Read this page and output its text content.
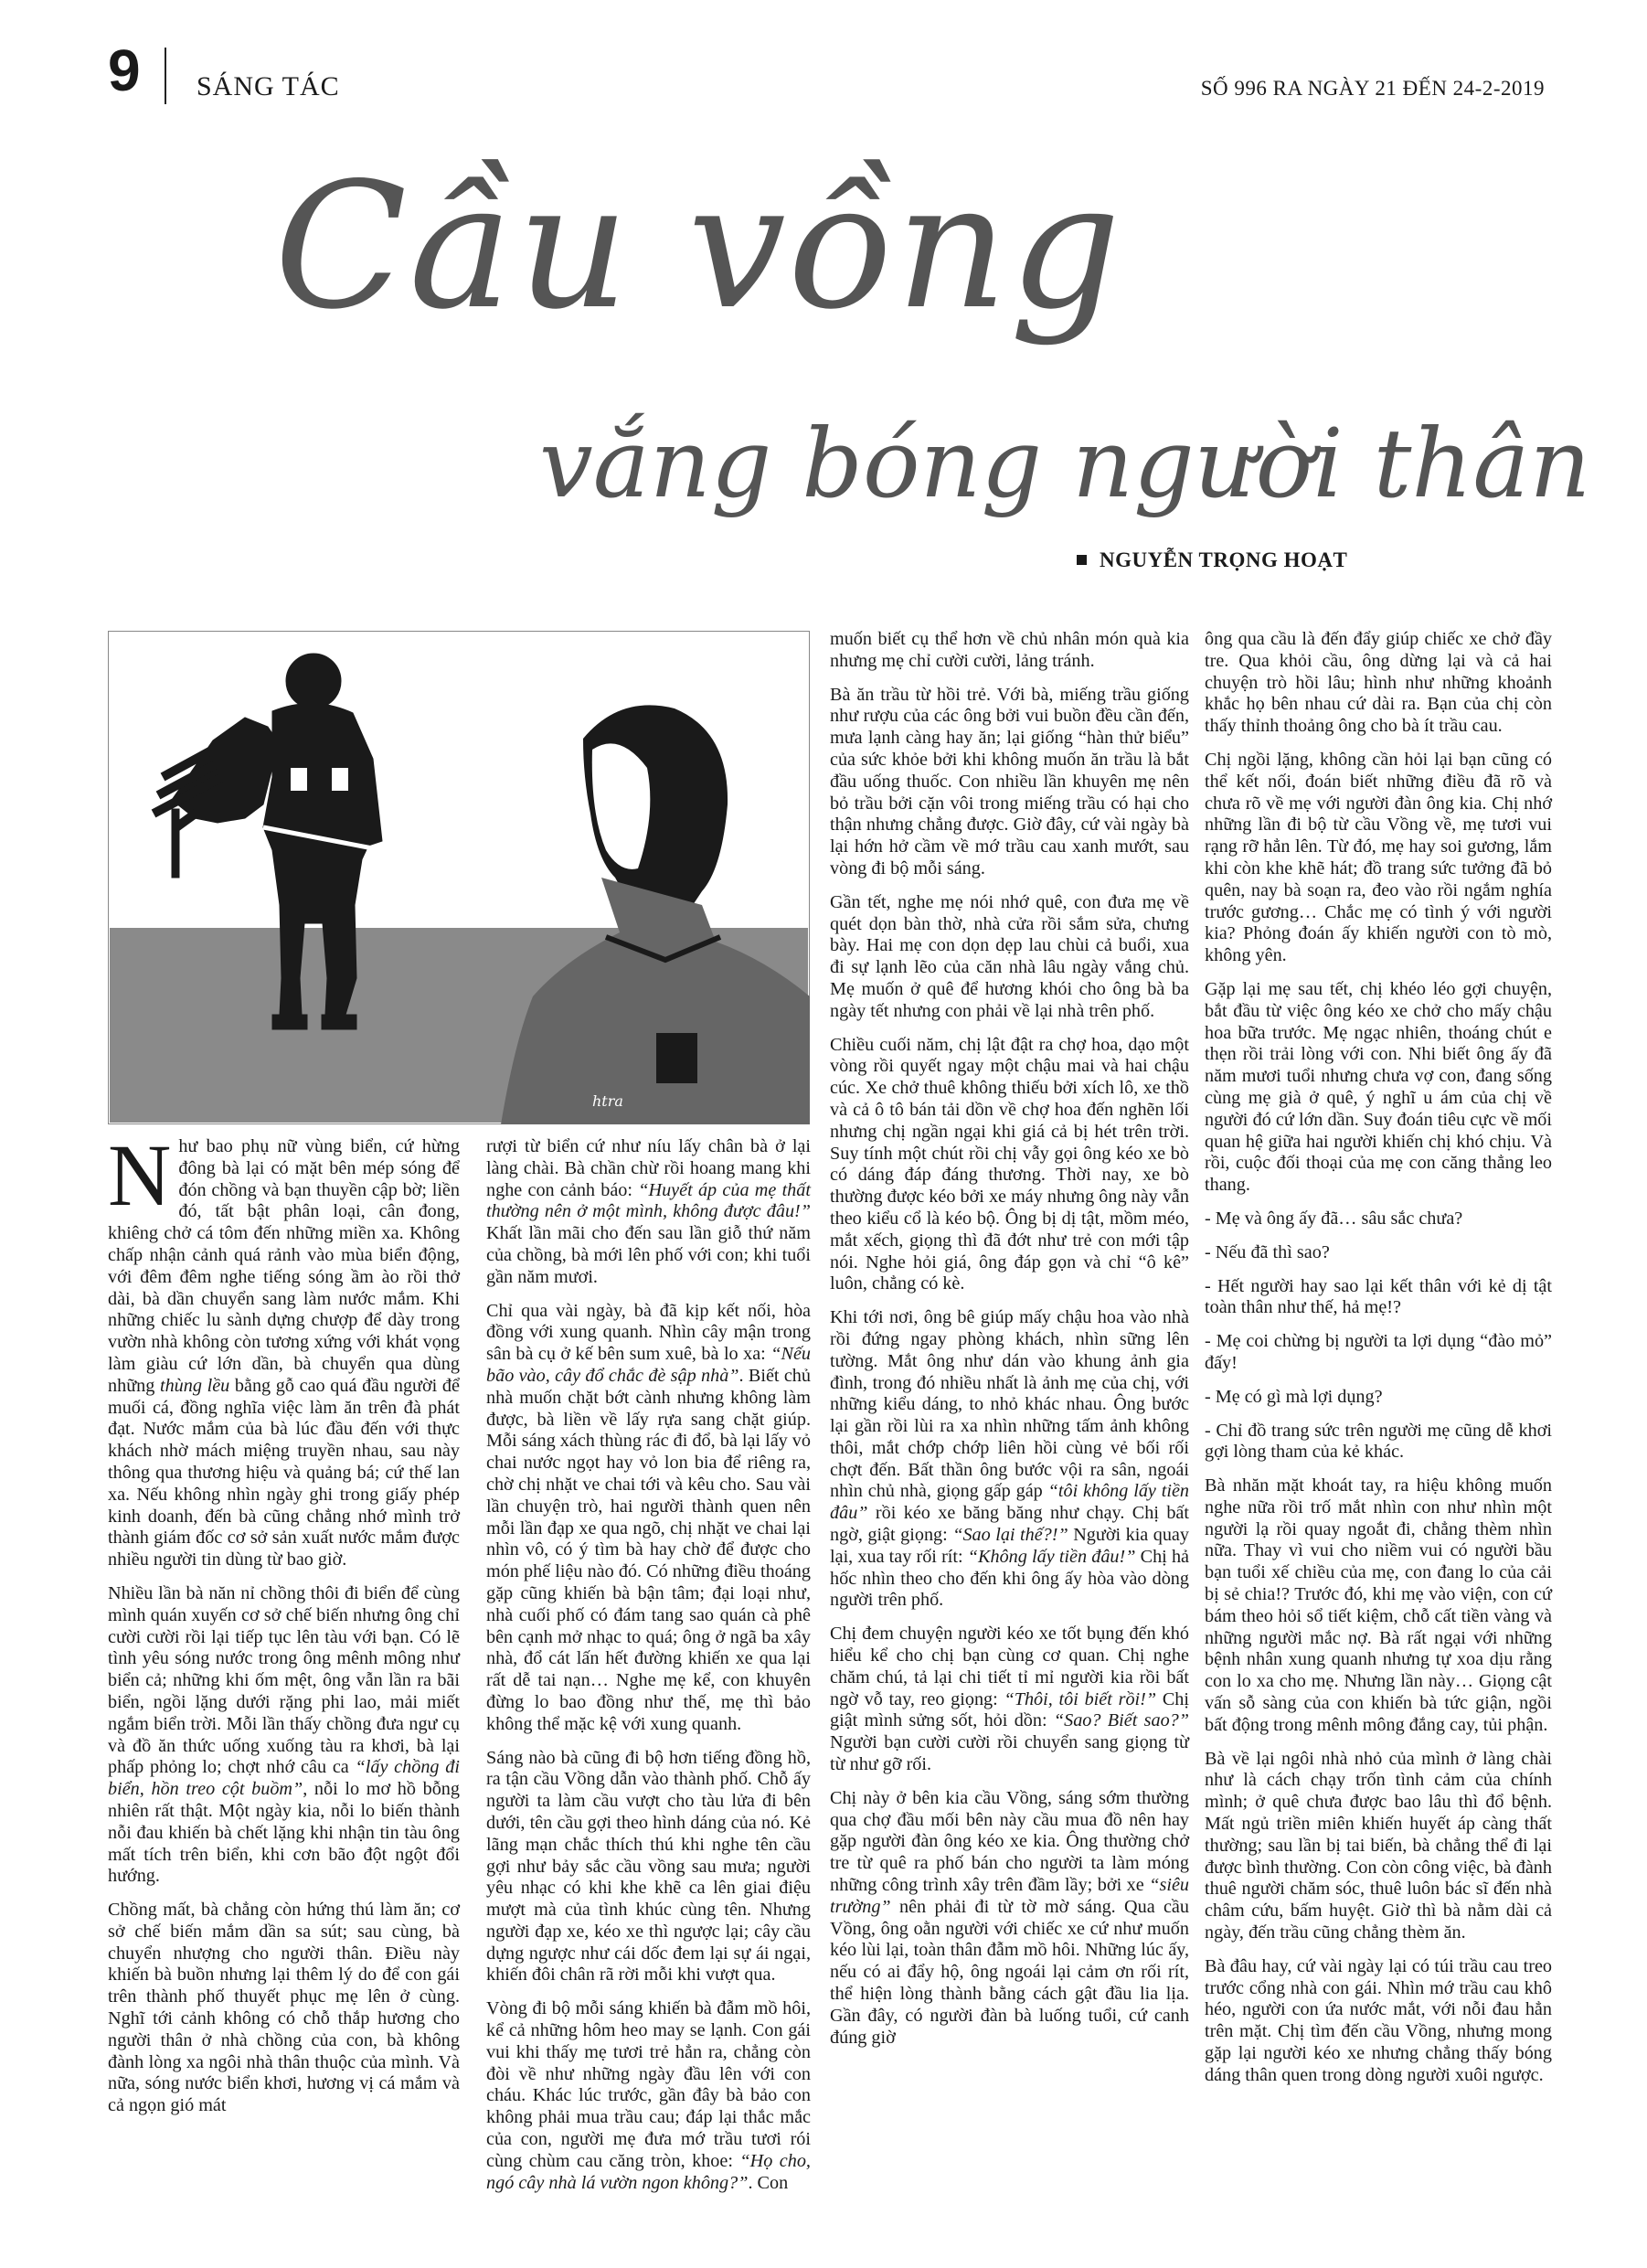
9 SÁNG TÁC	SỐ 996 RA NGÀY 21 ĐẾN 24-2-2019
Cầu vồng
vắng bóng người thân
NGUYỄN TRỌNG HOẠT
htra

Như bao phụ nữ vùng biển, cứ hừng đông bà lại có mặt bên mép sóng để đón chồng và bạn thuyền cập bờ; liền đó, tất bật phân loại, cân đong, khiêng chở cá tôm đến những miền xa. Không chấp nhận cảnh quá rảnh vào mùa biển động, với đêm đêm nghe tiếng sóng ầm ào rồi thở dài, bà dần chuyển sang làm nước mắm. Khi những chiếc lu sành dựng chượp để dày trong vườn nhà không còn tương xứng với khát vọng làm giàu cứ lớn dần, bà chuyển qua dùng những thùng lều bằng gỗ cao quá đầu người để muối cá, đồng nghĩa việc làm ăn trên đà phát đạt. Nước mắm của bà lúc đầu đến với thực khách nhờ mách miệng truyền nhau, sau này thông qua thương hiệu và quảng bá; cứ thế lan xa. Nếu không nhìn ngày ghi trong giấy phép kinh doanh, đến bà cũng chẳng nhớ mình trở thành giám đốc cơ sở sản xuất nước mắm được nhiều người tin dùng từ bao giờ.

Nhiều lần bà năn nỉ chồng thôi đi biển để cùng mình quán xuyến cơ sở chế biến nhưng ông chỉ cười cười rồi lại tiếp tục lên tàu với bạn. Có lẽ tình yêu sóng nước trong ông mênh mông như biển cả; những khi ốm mệt, ông vẫn lần ra bãi biển, ngồi lặng dưới rặng phi lao, mải miết ngắm biển trời. Mỗi lần thấy chồng đưa ngư cụ và đồ ăn thức uống xuống tàu ra khơi, bà lại phấp phỏng lo; chợt nhớ câu ca “lấy chồng đi biển, hồn treo cột buồm”, nỗi lo mơ hồ bỗng nhiên rất thật. Một ngày kia, nỗi lo biến thành nỗi đau khiến bà chết lặng khi nhận tin tàu ông mất tích trên biển, khi cơn bão đột ngột đổi hướng.

Chồng mất, bà chẳng còn hứng thú làm ăn; cơ sở chế biến mắm dần sa sút; sau cùng, bà chuyển nhượng cho người thân. Điều này khiến bà buồn nhưng lại thêm lý do để con gái trên thành phố thuyết phục mẹ lên ở cùng. Nghĩ tới cảnh không có chỗ thắp hương cho người thân ở nhà chồng của con, bà không đành lòng xa ngôi nhà thân thuộc của mình. Và nữa, sóng nước biển khơi, hương vị cá mắm và cả ngọn gió mát

rượi từ biển cứ như níu lấy chân bà ở lại làng chài. Bà chần chừ rồi hoang mang khi nghe con cảnh báo: “Huyết áp của mẹ thất thường nên ở một mình, không được đâu!” Khất lần mãi cho đến sau lần giỗ thứ năm của chồng, bà mới lên phố với con; khi tuổi gần năm mươi.

Chỉ qua vài ngày, bà đã kịp kết nối, hòa đồng với xung quanh. Nhìn cây mận trong sân bà cụ ở kế bên sum xuê, bà lo xa: “Nếu bão vào, cây đổ chắc đè sập nhà”. Biết chủ nhà muốn chặt bớt cành nhưng không làm được, bà liền về lấy rựa sang chặt giúp. Mỗi sáng xách thùng rác đi đổ, bà lại lấy vỏ chai nước ngọt hay vỏ lon bia để riêng ra, chờ chị nhặt ve chai tới và kêu cho. Sau vài lần chuyện trò, hai người thành quen nên mỗi lần đạp xe qua ngõ, chị nhặt ve chai lại nhìn vô, có ý tìm bà hay chờ để được cho món phế liệu nào đó. Có những điều thoáng gặp cũng khiến bà bận tâm; đại loại như, nhà cuối phố có đám tang sao quán cà phê bên cạnh mở nhạc to quá; ông ở ngã ba xây nhà, đổ cát lấn hết đường khiến xe qua lại rất dễ tai nạn… Nghe mẹ kể, con khuyên đừng lo bao đồng như thế, mẹ thì bảo không thể mặc kệ với xung quanh.

Sáng nào bà cũng đi bộ hơn tiếng đồng hồ, ra tận cầu Vồng dẫn vào thành phố. Chỗ ấy người ta làm cầu vượt cho tàu lửa đi bên dưới, tên cầu gợi theo hình dáng của nó. Kẻ lãng mạn chắc thích thú khi nghe tên cầu gợi như bảy sắc cầu vồng sau mưa; người yêu nhạc có khi khe khẽ ca lên giai điệu mượt mà của tình khúc cùng tên. Nhưng người đạp xe, kéo xe thì ngược lại; cây cầu dựng ngược như cái dốc đem lại sự ái ngại, khiến đôi chân rã rời mỗi khi vượt qua.

Vòng đi bộ mỗi sáng khiến bà đẫm mồ hôi, kể cả những hôm heo may se lạnh. Con gái vui khi thấy mẹ tươi trẻ hẳn ra, chẳng còn đòi về như những ngày đầu lên với con cháu. Khác lúc trước, gần đây bà bảo con không phải mua trầu cau; đáp lại thắc mắc của con, người mẹ đưa mớ trầu tươi rói cùng chùm cau căng tròn, khoe: “Họ cho, ngó cây nhà lá vườn ngon không?”. Con

muốn biết cụ thể hơn về chủ nhân món quà kia nhưng mẹ chỉ cười cười, lảng tránh.

Bà ăn trầu từ hồi trẻ. Với bà, miếng trầu giống như rượu của các ông bởi vui buồn đều cần đến, mưa lạnh càng hay ăn; lại giống “hàn thử biểu” của sức khỏe bởi khi không muốn ăn trầu là bắt đầu uống thuốc. Con nhiều lần khuyên mẹ nên bỏ trầu bởi cặn vôi trong miếng trầu có hại cho thận nhưng chẳng được. Giờ đây, cứ vài ngày bà lại hớn hở cầm về mớ trầu cau xanh mướt, sau vòng đi bộ mỗi sáng.

Gần tết, nghe mẹ nói nhớ quê, con đưa mẹ về quét dọn bàn thờ, nhà cửa rồi sắm sửa, chưng bày. Hai mẹ con dọn dẹp lau chùi cả buổi, xua đi sự lạnh lẽo của căn nhà lâu ngày vắng chủ. Mẹ muốn ở quê để hương khói cho ông bà ba ngày tết nhưng con phải về lại nhà trên phố.

Chiều cuối năm, chị lật đật ra chợ hoa, dạo một vòng rồi quyết ngay một chậu mai và hai chậu cúc. Xe chở thuê không thiếu bởi xích lô, xe thồ và cả ô tô bán tải dồn về chợ hoa đến nghẽn lối nhưng chị ngần ngại khi giá cả bị hét trên trời. Suy tính một chút rồi chị vẫy gọi ông kéo xe bò có dáng đáp đáng thương. Thời nay, xe bò thường được kéo bởi xe máy nhưng ông này vẫn theo kiểu cổ là kéo bộ. Ông bị dị tật, mồm méo, mắt xếch, giọng thì đã đớt như trẻ con mới tập nói. Nghe hỏi giá, ông đáp gọn và chỉ “ô kê” luôn, chẳng có kè.

Khi tới nơi, ông bê giúp mấy chậu hoa vào nhà rồi đứng ngay phòng khách, nhìn sững lên tường. Mắt ông như dán vào khung ảnh gia đình, trong đó nhiều nhất là ảnh mẹ của chị, với những kiểu dáng, to nhỏ khác nhau. Ông bước lại gần rồi lùi ra xa nhìn những tấm ảnh không thôi, mắt chớp chớp liên hồi cùng vẻ bối rối chợt đến. Bất thần ông bước vội ra sân, ngoái nhìn chủ nhà, giọng gấp gáp “tôi không lấy tiền đâu” rồi kéo xe băng băng như chạy. Chị bất ngờ, giật giọng: “Sao lại thế?!” Người kia quay lại, xua tay rối rít: “Không lấy tiền đâu!” Chị hả hốc nhìn theo cho đến khi ông ấy hòa vào dòng người trên phố.

Chị đem chuyện người kéo xe tốt bụng đến khó hiểu kể cho chị bạn cùng cơ quan. Chị nghe chăm chú, tả lại chi tiết tỉ mỉ người kia rồi bất ngờ vỗ tay, reo giọng: “Thôi, tôi biết rồi!” Chị giật mình sửng sốt, hỏi dồn: “Sao? Biết sao?” Người bạn cười cười rồi chuyển sang giọng từ từ như gỡ rối.

Chị này ở bên kia cầu Vồng, sáng sớm thường qua chợ đầu mối bên này cầu mua đồ nên hay gặp người đàn ông kéo xe kia. Ông thường chở tre từ quê ra phố bán cho người ta làm móng những công trình xây trên đầm lầy; bởi xe “siêu trường” nên phải đi từ tờ mờ sáng. Qua cầu Vồng, ông oằn người với chiếc xe cứ như muốn kéo lùi lại, toàn thân đẫm mồ hôi. Những lúc ấy, nếu có ai đẩy hộ, ông ngoái lại cảm ơn rối rít, thể hiện lòng thành bằng cách gật đầu lia lịa. Gần đây, có người đàn bà luống tuổi, cứ canh đúng giờ

ông qua cầu là đến đẩy giúp chiếc xe chở đầy tre. Qua khỏi cầu, ông dừng lại và cả hai chuyện trò hồi lâu; hình như những khoảnh khắc họ bên nhau cứ dài ra. Bạn của chị còn thấy thỉnh thoảng ông cho bà ít trầu cau.

Chị ngồi lặng, không cần hỏi lại bạn cũng có thể kết nối, đoán biết những điều đã rõ và chưa rõ về mẹ với người đàn ông kia. Chị nhớ những lần đi bộ từ cầu Vồng về, mẹ tươi vui rạng rỡ hẳn lên. Từ đó, mẹ hay soi gương, lắm khi còn khe khẽ hát; đồ trang sức tưởng đã bỏ quên, nay bà soạn ra, đeo vào rồi ngắm nghía trước gương… Chắc mẹ có tình ý với người kia? Phỏng đoán ấy khiến người con tò mò, không yên.

Gặp lại mẹ sau tết, chị khéo léo gợi chuyện, bắt đầu từ việc ông kéo xe chở cho mấy chậu hoa bữa trước. Mẹ ngạc nhiên, thoáng chút e thẹn rồi trải lòng với con. Nhi biết ông ấy đã năm mươi tuổi nhưng chưa vợ con, đang sống cùng mẹ già ở quê, ý nghĩ u ám của chị về người đó cứ lớn dần. Suy đoán tiêu cực về mối quan hệ giữa hai người khiến chị khó chịu. Và rồi, cuộc đối thoại của mẹ con căng thẳng leo thang.

- Mẹ và ông ấy đã… sâu sắc chưa?

- Nếu đã thì sao?

- Hết người hay sao lại kết thân với kẻ dị tật toàn thân như thế, hả mẹ!?

- Mẹ coi chừng bị người ta lợi dụng “đào mỏ” đấy!

- Mẹ có gì mà lợi dụng?

- Chỉ đồ trang sức trên người mẹ cũng dễ khơi gợi lòng tham của kẻ khác.

Bà nhăn mặt khoát tay, ra hiệu không muốn nghe nữa rồi trố mắt nhìn con như nhìn một người lạ rồi quay ngoắt đi, chẳng thèm nhìn nữa. Thay vì vui cho niềm vui có người bầu bạn tuổi xế chiều của mẹ, con đang lo của cải bị sẻ chia!? Trước đó, khi mẹ vào viện, con cứ bám theo hỏi sổ tiết kiệm, chỗ cất tiền vàng và những người mắc nợ. Bà rất ngại với những bệnh nhân xung quanh nhưng tự xoa dịu rằng con lo xa cho mẹ. Nhưng lần này… Giọng cật vấn sỗ sàng của con khiến bà tức giận, ngồi bất động trong mênh mông đắng cay, tủi phận.

Bà về lại ngôi nhà nhỏ của mình ở làng chài như là cách chạy trốn tình cảm của chính mình; ở quê chưa được bao lâu thì đổ bệnh. Mất ngủ triền miên khiến huyết áp càng thất thường; sau lần bị tai biến, bà chẳng thể đi lại được bình thường. Con còn công việc, bà đành thuê người chăm sóc, thuê luôn bác sĩ đến nhà châm cứu, bấm huyệt. Giờ thì bà nằm dài cả ngày, đến trầu cũng chẳng thèm ăn.

Bà đâu hay, cứ vài ngày lại có túi trầu cau treo trước cổng nhà con gái. Nhìn mớ trầu cau khô héo, người con ứa nước mắt, với nỗi đau hẳn trên mặt. Chị tìm đến cầu Vồng, nhưng mong gặp lại người kéo xe nhưng chẳng thấy bóng dáng thân quen trong dòng người xuôi ngược.
